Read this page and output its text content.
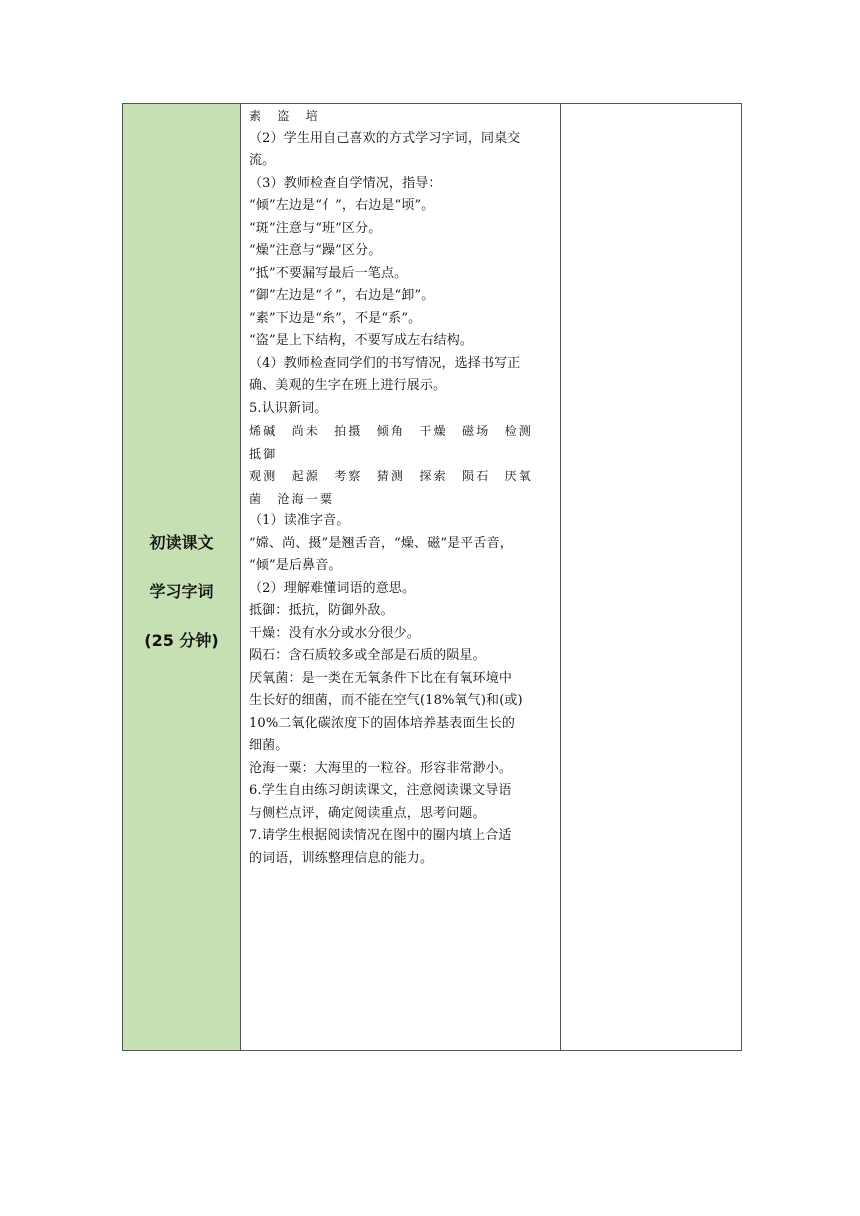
初读课文
学习字词
(25 分钟)
素　盗　培
（2）学生用自己喜欢的方式学习字词，同桌交
流。
（3）教师检查自学情况，指导：
“倾”左边是“亻”，右边是“顷”。
“斑”注意与“班”区分。
“燥”注意与“躁”区分。
“抵”不要漏写最后一笔点。
“御”左边是“彳”，右边是“卸”。
“素”下边是“糸”，不是“系”。
“盗”是上下结构，不要写成左右结构。
（4）教师检查同学们的书写情况，选择书写正
确、美观的生字在班上进行展示。
5.认识新词。
烯碱　尚未　拍摄　倾角　干燥　磁场　检测
抵御
观测　起源　考察　猜测　探索　陨石　厌氧
菌　沧海一粟
（1）读准字音。
“嫦、尚、摄”是翘舌音，“燥、磁”是平舌音，
“倾”是后鼻音。
（2）理解难懂词语的意思。
抵御：抵抗，防御外敌。
干燥：没有水分或水分很少。
陨石：含石质较多或全部是石质的陨星。
厌氧菌：是一类在无氧条件下比在有氧环境中
生长好的细菌，而不能在空气(18%氧气)和(或)
10%二氧化碳浓度下的固体培养基表面生长的
细菌。
沧海一粟：大海里的一粒谷。形容非常渺小。
6.学生自由练习朗读课文，注意阅读课文导语
与侧栏点评，确定阅读重点，思考问题。
7.请学生根据阅读情况在图中的圈内填上合适
的词语，训练整理信息的能力。
